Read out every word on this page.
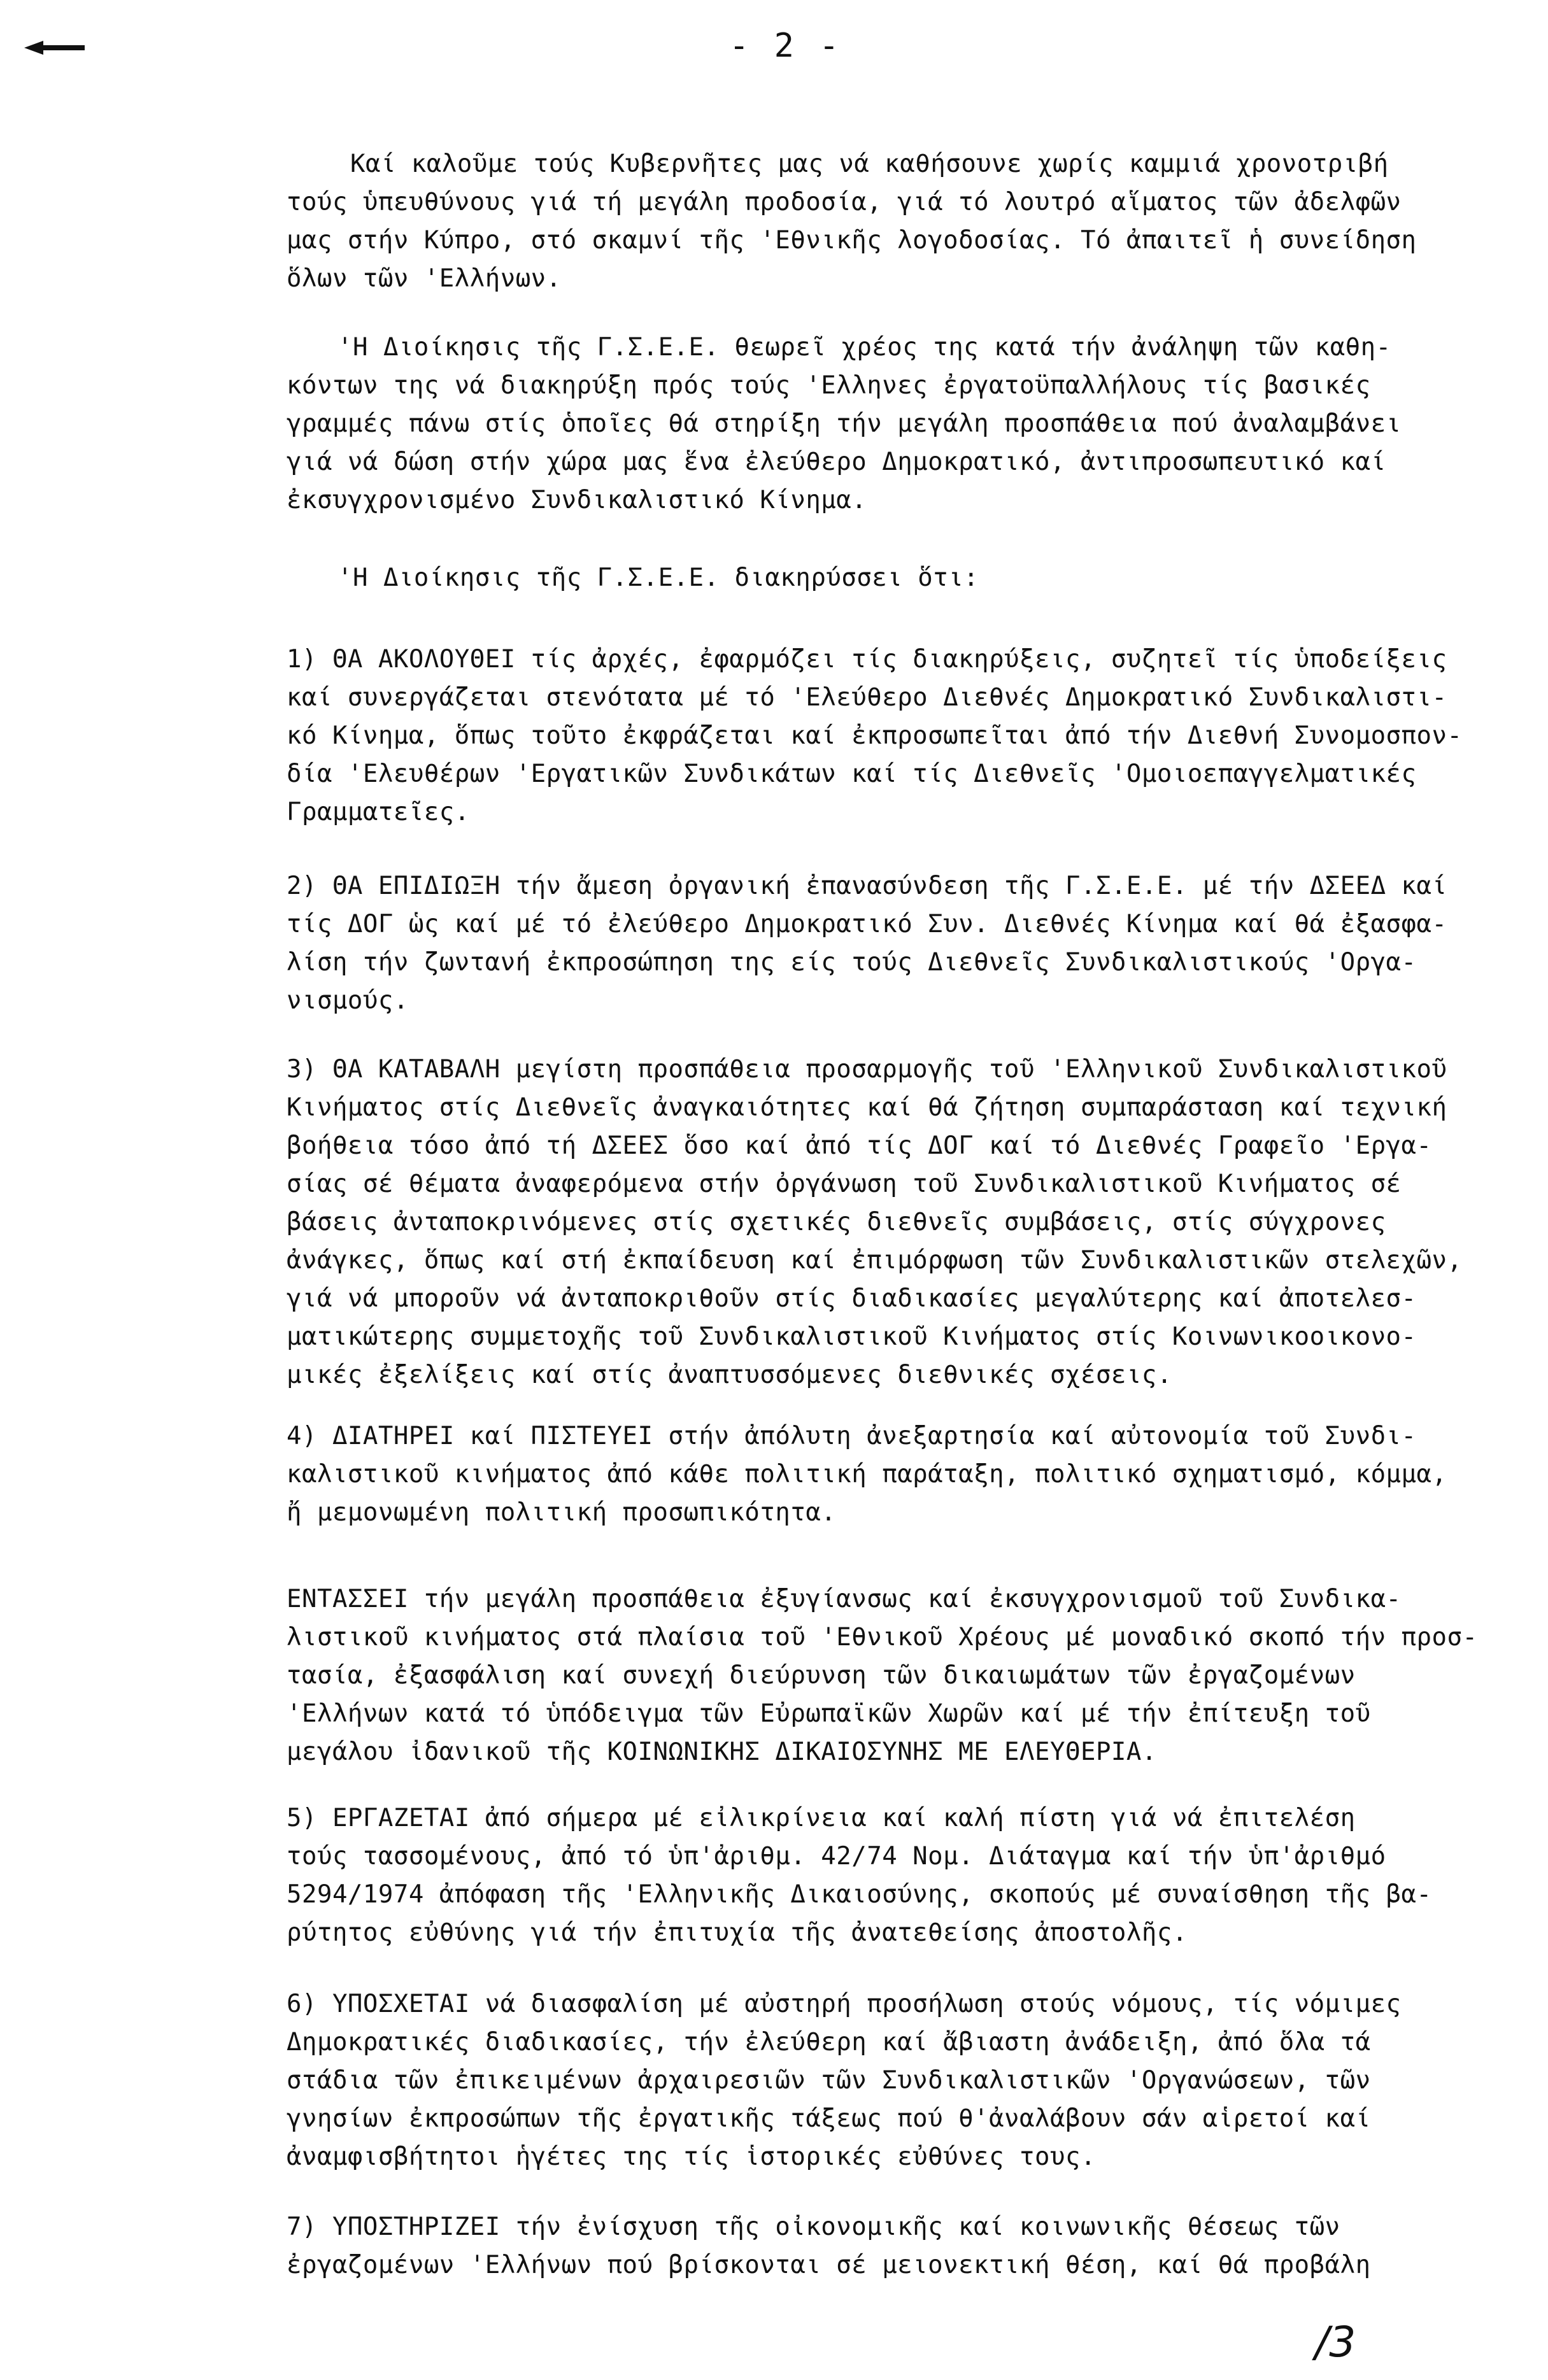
- 2 -
Καί καλοῦμε τούς Κυβερνῆτες μας νά καθήσουνε χωρίς καμμιά χρονοτριβή
τούς ὑπευθύνους γιά τή μεγάλη προδοσία, γιά τό λουτρό αἵματος τῶν ἀδελφῶν
μας στήν Κύπρο, στό σκαμνί τῆς 'Εθνικῆς λογοδοσίας. Τό ἀπαιτεῖ ἡ συνείδηση
ὅλων τῶν 'Ελλήνων.
'Η Διοίκησις τῆς Γ.Σ.Ε.Ε. θεωρεῖ χρέος της κατά τήν ἀνάληψη τῶν καθη-
κόντων της νά διακηρύξη πρός τούς 'Ελληνες ἐργατοϋπαλλήλους τίς βασικές
γραμμές πάνω στίς ὁποῖες θά στηρίξη τήν μεγάλη προσπάθεια πού ἀναλαμβάνει
γιά νά δώση στήν χώρα μας ἕνα ἐλεύθερο Δημοκρατικό, ἀντιπροσωπευτικό καί
ἐκσυγχρονισμένο Συνδικαλιστικό Κίνημα.
'Η Διοίκησις τῆς Γ.Σ.Ε.Ε. διακηρύσσει ὅτι:
1) ΘΑ ΑΚΟΛΟΥΘΕΙ τίς ἀρχές, ἐφαρμόζει τίς διακηρύξεις, συζητεῖ τίς ὑποδείξεις
καί συνεργάζεται στενότατα μέ τό 'Ελεύθερο Διεθνές Δημοκρατικό Συνδικαλιστι-
κό Κίνημα, ὅπως τοῦτο ἐκφράζεται καί ἐκπροσωπεῖται ἀπό τήν Διεθνή Συνομοσπον-
δία 'Ελευθέρων 'Εργατικῶν Συνδικάτων καί τίς Διεθνεῖς 'Ομοιοεπαγγελματικές
Γραμματεῖες.
2) ΘΑ ΕΠΙΔΙΩΞΗ τήν ἄμεση ὀργανική ἐπανασύνδεση τῆς Γ.Σ.Ε.Ε. μέ τήν ΔΣΕΕΔ καί
τίς ΔΟΓ ὡς καί μέ τό ἐλεύθερο Δημοκρατικό Συν. Διεθνές Κίνημα καί θά ἐξασφα-
λίση τήν ζωντανή ἐκπροσώπηση της είς τούς Διεθνεῖς Συνδικαλιστικούς 'Οργα-
νισμούς.
3) ΘΑ ΚΑΤΑΒΑΛΗ μεγίστη προσπάθεια προσαρμογῆς τοῦ 'Ελληνικοῦ Συνδικαλιστικοῦ
Κινήματος στίς Διεθνεῖς ἀναγκαιότητες καί θά ζήτηση συμπαράσταση καί τεχνική
βοήθεια τόσο ἀπό τή ΔΣΕΕΣ ὅσο καί ἀπό τίς ΔΟΓ καί τό Διεθνές Γραφεῖο 'Εργα-
σίας σέ θέματα ἀναφερόμενα στήν ὀργάνωση τοῦ Συνδικαλιστικοῦ Κινήματος σέ
βάσεις ἀνταποκρινόμενες στίς σχετικές διεθνεῖς συμβάσεις, στίς σύγχρονες
ἀνάγκες, ὅπως καί στή ἐκπαίδευση καί ἐπιμόρφωση τῶν Συνδικαλιστικῶν στελεχῶν,
γιά νά μποροῦν νά ἀνταποκριθοῦν στίς διαδικασίες μεγαλύτερης καί ἀποτελεσ-
ματικώτερης συμμετοχῆς τοῦ Συνδικαλιστικοῦ Κινήματος στίς Κοινωνικοοικονο-
μικές ἐξελίξεις καί στίς ἀναπτυσσόμενες διεθνικές σχέσεις.
4) ΔΙΑΤΗΡΕΙ καί ΠΙΣΤΕΥΕΙ στήν ἀπόλυτη ἀνεξαρτησία καί αὐτονομία τοῦ Συνδι-
καλιστικοῦ κινήματος ἀπό κάθε πολιτική παράταξη, πολιτικό σχηματισμό, κόμμα,
ἤ μεμονωμένη πολιτική προσωπικότητα.
ΕΝΤΑΣΣΕΙ τήν μεγάλη προσπάθεια ἐξυγίανσως καί ἐκσυγχρονισμοῦ τοῦ Συνδικα-
λιστικοῦ κινήματος στά πλαίσια τοῦ 'Εθνικοῦ Χρέους μέ μοναδικό σκοπό τήν προσ-
τασία, ἐξασφάλιση καί συνεχή διεύρυνση τῶν δικαιωμάτων τῶν ἐργαζομένων
'Ελλήνων κατά τό ὑπόδειγμα τῶν Εὐρωπαϊκῶν Χωρῶν καί μέ τήν ἐπίτευξη τοῦ
μεγάλου ἰδανικοῦ τῆς ΚΟΙΝΩΝΙΚΗΣ ΔΙΚΑΙΟΣΥΝΗΣ ΜΕ ΕΛΕΥΘΕΡΙΑ.
5) ΕΡΓΑΖΕΤΑΙ ἀπό σήμερα μέ εἰλικρίνεια καί καλή πίστη γιά νά ἐπιτελέση
τούς τασσομένους, ἀπό τό ὑπ'ἀριθμ. 42/74 Νομ. Διάταγμα καί τήν ὑπ'ἀριθμό
5294/1974 ἀπόφαση τῆς 'Ελληνικῆς Δικαιοσύνης, σκοπούς μέ συναίσθηση τῆς βα-
ρύτητος εὐθύνης γιά τήν ἐπιτυχία τῆς ἀνατεθείσης ἀποστολῆς.
6) ΥΠΟΣΧΕΤΑΙ νά διασφαλίση μέ αὐστηρή προσήλωση στούς νόμους, τίς νόμιμες
Δημοκρατικές διαδικασίες, τήν ἐλεύθερη καί ἄβιαστη ἀνάδειξη, ἀπό ὅλα τά
στάδια τῶν ἐπικειμένων ἀρχαιρεσιῶν τῶν Συνδικαλιστικῶν 'Οργανώσεων, τῶν
γνησίων ἐκπροσώπων τῆς ἐργατικῆς τάξεως πού θ'ἀναλάβουν σάν αἱρετοί καί
ἀναμφισβήτητοι ἡγέτες της τίς ἱστορικές εὐθύνες τους.
7) ΥΠΟΣΤΗΡΙΖΕΙ τήν ἐνίσχυση τῆς οἰκονομικῆς καί κοινωνικῆς θέσεως τῶν
ἐργαζομένων 'Ελλήνων πού βρίσκονται σέ μειονεκτική θέση, καί θά προβάλη
/3
